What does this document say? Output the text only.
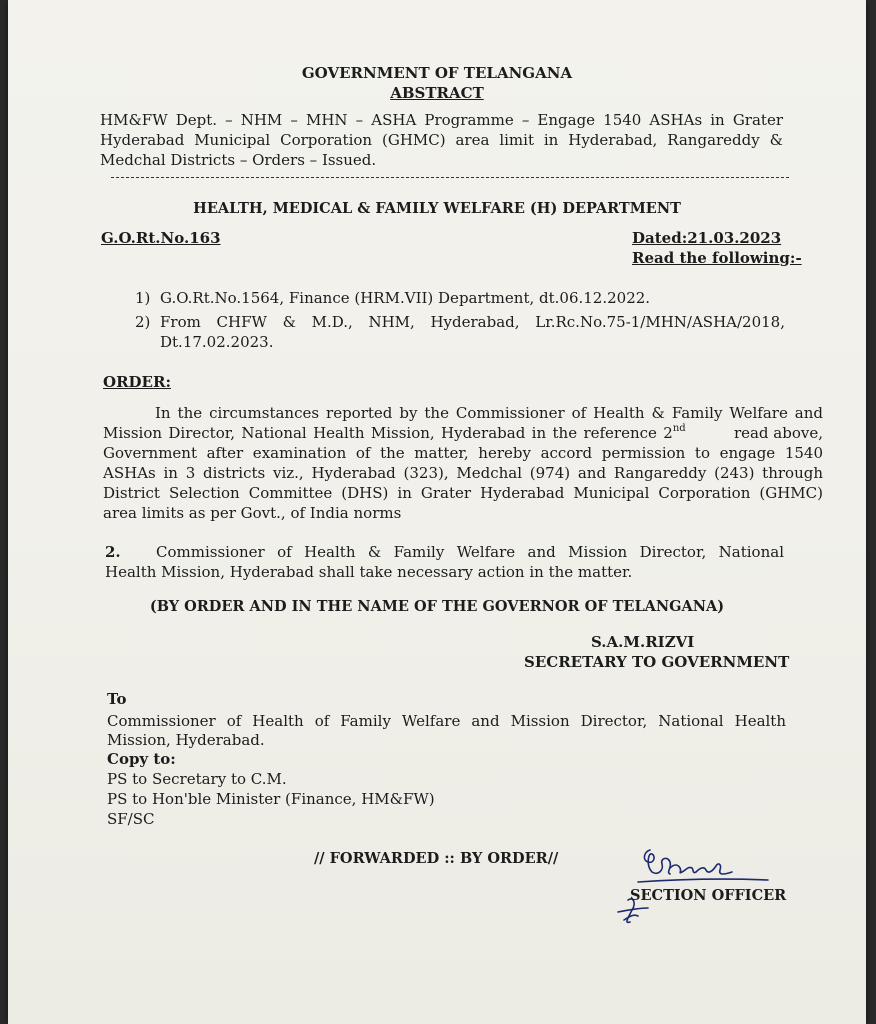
GOVERNMENT OF TELANGANA
ABSTRACT
HM&FW Dept. – NHM – MHN – ASHA Programme – Engage 1540 ASHAs in Grater
Hyderabad Municipal Corporation (GHMC) area limit in Hyderabad, Rangareddy &
Medchal Districts – Orders – Issued.
HEALTH, MEDICAL & FAMILY WELFARE (H) DEPARTMENT
G.O.Rt.No.163	Dated:21.03.2023
Read the following:-
1) G.O.Rt.No.1564, Finance (HRM.VII) Department, dt.06.12.2022.
2) From CHFW & M.D., NHM, Hyderabad, Lr.Rc.No.75-1/MHN/ASHA/2018,
Dt.17.02.2023.
ORDER:
In the circumstances reported by the Commissioner of Health & Family Welfare and
Mission Director, National Health Mission, Hyderabad in the reference 2 nd	read above,
Government after examination of the matter, hereby accord permission to engage 1540
ASHAs in 3 districts viz., Hyderabad (323), Medchal (974) and Rangareddy (243) through
District Selection Committee (DHS) in Grater Hyderabad Municipal Corporation (GHMC)
area limits as per Govt., of India norms
2. Commissioner of Health & Family Welfare and Mission Director, National
Health Mission, Hyderabad shall take necessary action in the matter.
(BY ORDER AND IN THE NAME OF THE GOVERNOR OF TELANGANA)
S.A.M.RIZVI
SECRETARY TO GOVERNMENT
To
Commissioner of Health of Family Welfare and Mission Director, National Health
Mission, Hyderabad.
Copy to:
PS to Secretary to C.M.
PS to Hon'ble Minister (Finance, HM&FW)
SF/SC
// FORWARDED :: BY ORDER//
SECTION OFFICER
